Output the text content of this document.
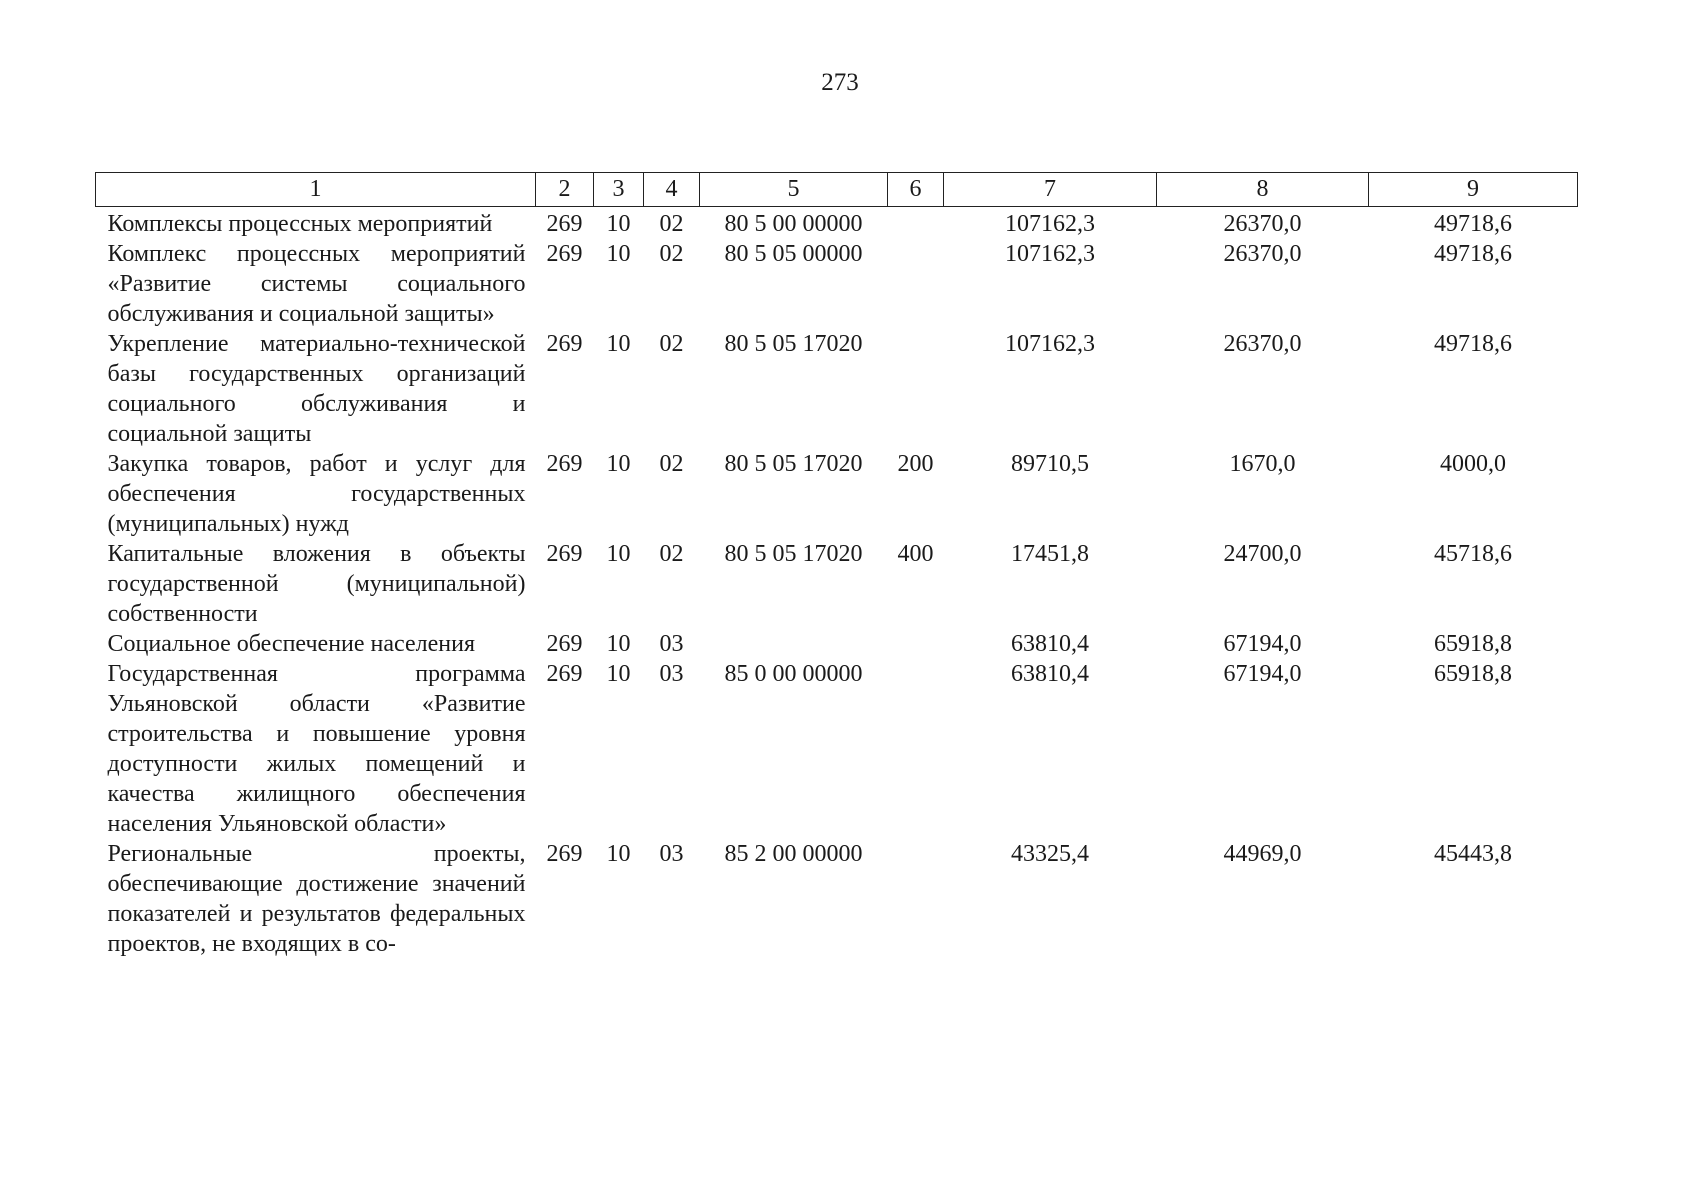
273
1	2	3	4	5	6	7	8	9
Комплексы процессных мероприятий	269	10	02	80 5 00 00000		107162,3	26370,0	49718,6
Комплекс процессных мероприятий «Развитие системы социального обслуживания и социальной защиты»	269	10	02	80 5 05 00000		107162,3	26370,0	49718,6
Укрепление материально-технической базы государственных организаций социального обслуживания и социальной защиты	269	10	02	80 5 05 17020		107162,3	26370,0	49718,6
Закупка товаров, работ и услуг для обеспечения государственных (муниципальных) нужд	269	10	02	80 5 05 17020	200	89710,5	1670,0	4000,0
Капитальные вложения в объекты государственной (муниципальной) собственности	269	10	02	80 5 05 17020	400	17451,8	24700,0	45718,6
Социальное обеспечение населения	269	10	03			63810,4	67194,0	65918,8
Государственная программа Ульяновской области «Развитие строительства и повышение уровня доступности жилых помещений и качества жилищного обеспечения населения Ульяновской области»	269	10	03	85 0 00 00000		63810,4	67194,0	65918,8
Региональные проекты, обеспечивающие достижение значений показателей и результатов федеральных проектов, не входящих в со-	269	10	03	85 2 00 00000		43325,4	44969,0	45443,8
